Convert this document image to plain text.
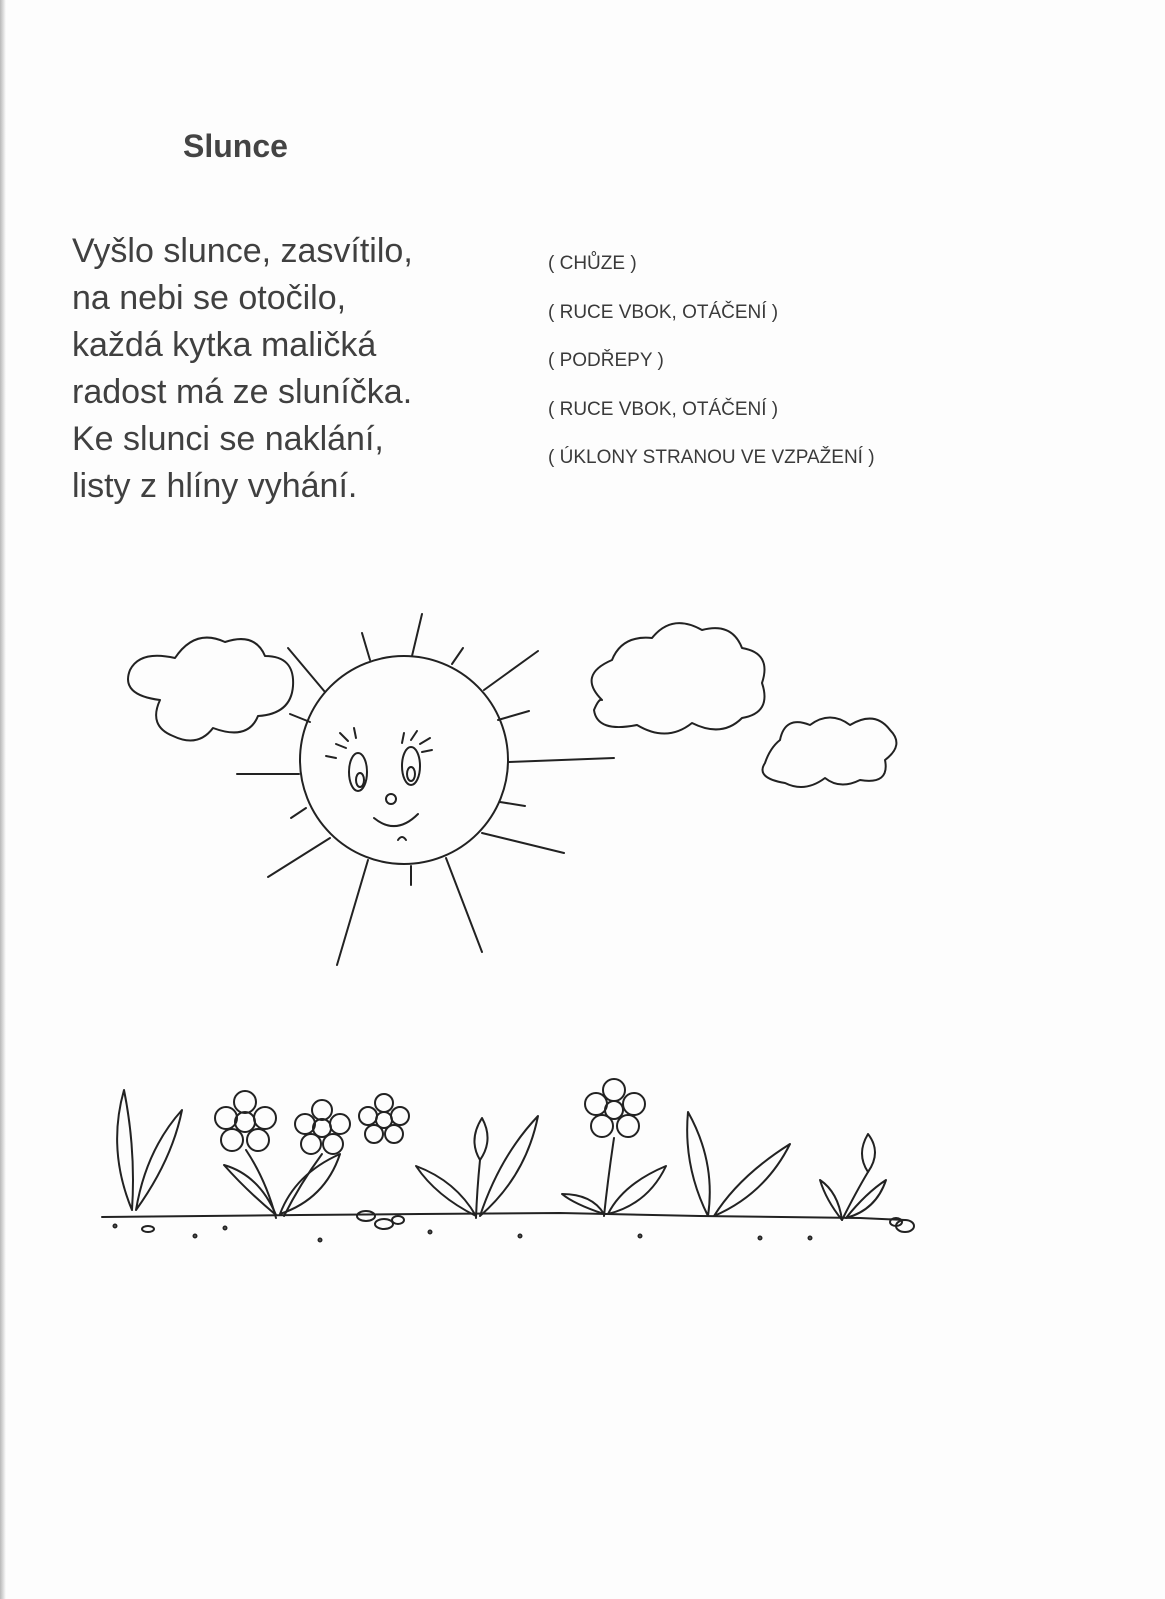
Slunce
Vyšlo slunce, zasvítilo,
na nebi se otočilo,
každá kytka maličká
radost má ze sluníčka.
Ke slunci se naklání,
listy z hlíny vyhání.
( CHŮZE )
( RUCE VBOK, OTÁČENÍ )
( PODŘEPY )
( RUCE VBOK, OTÁČENÍ )
( ÚKLONY STRANOU VE VZPAŽENÍ )
